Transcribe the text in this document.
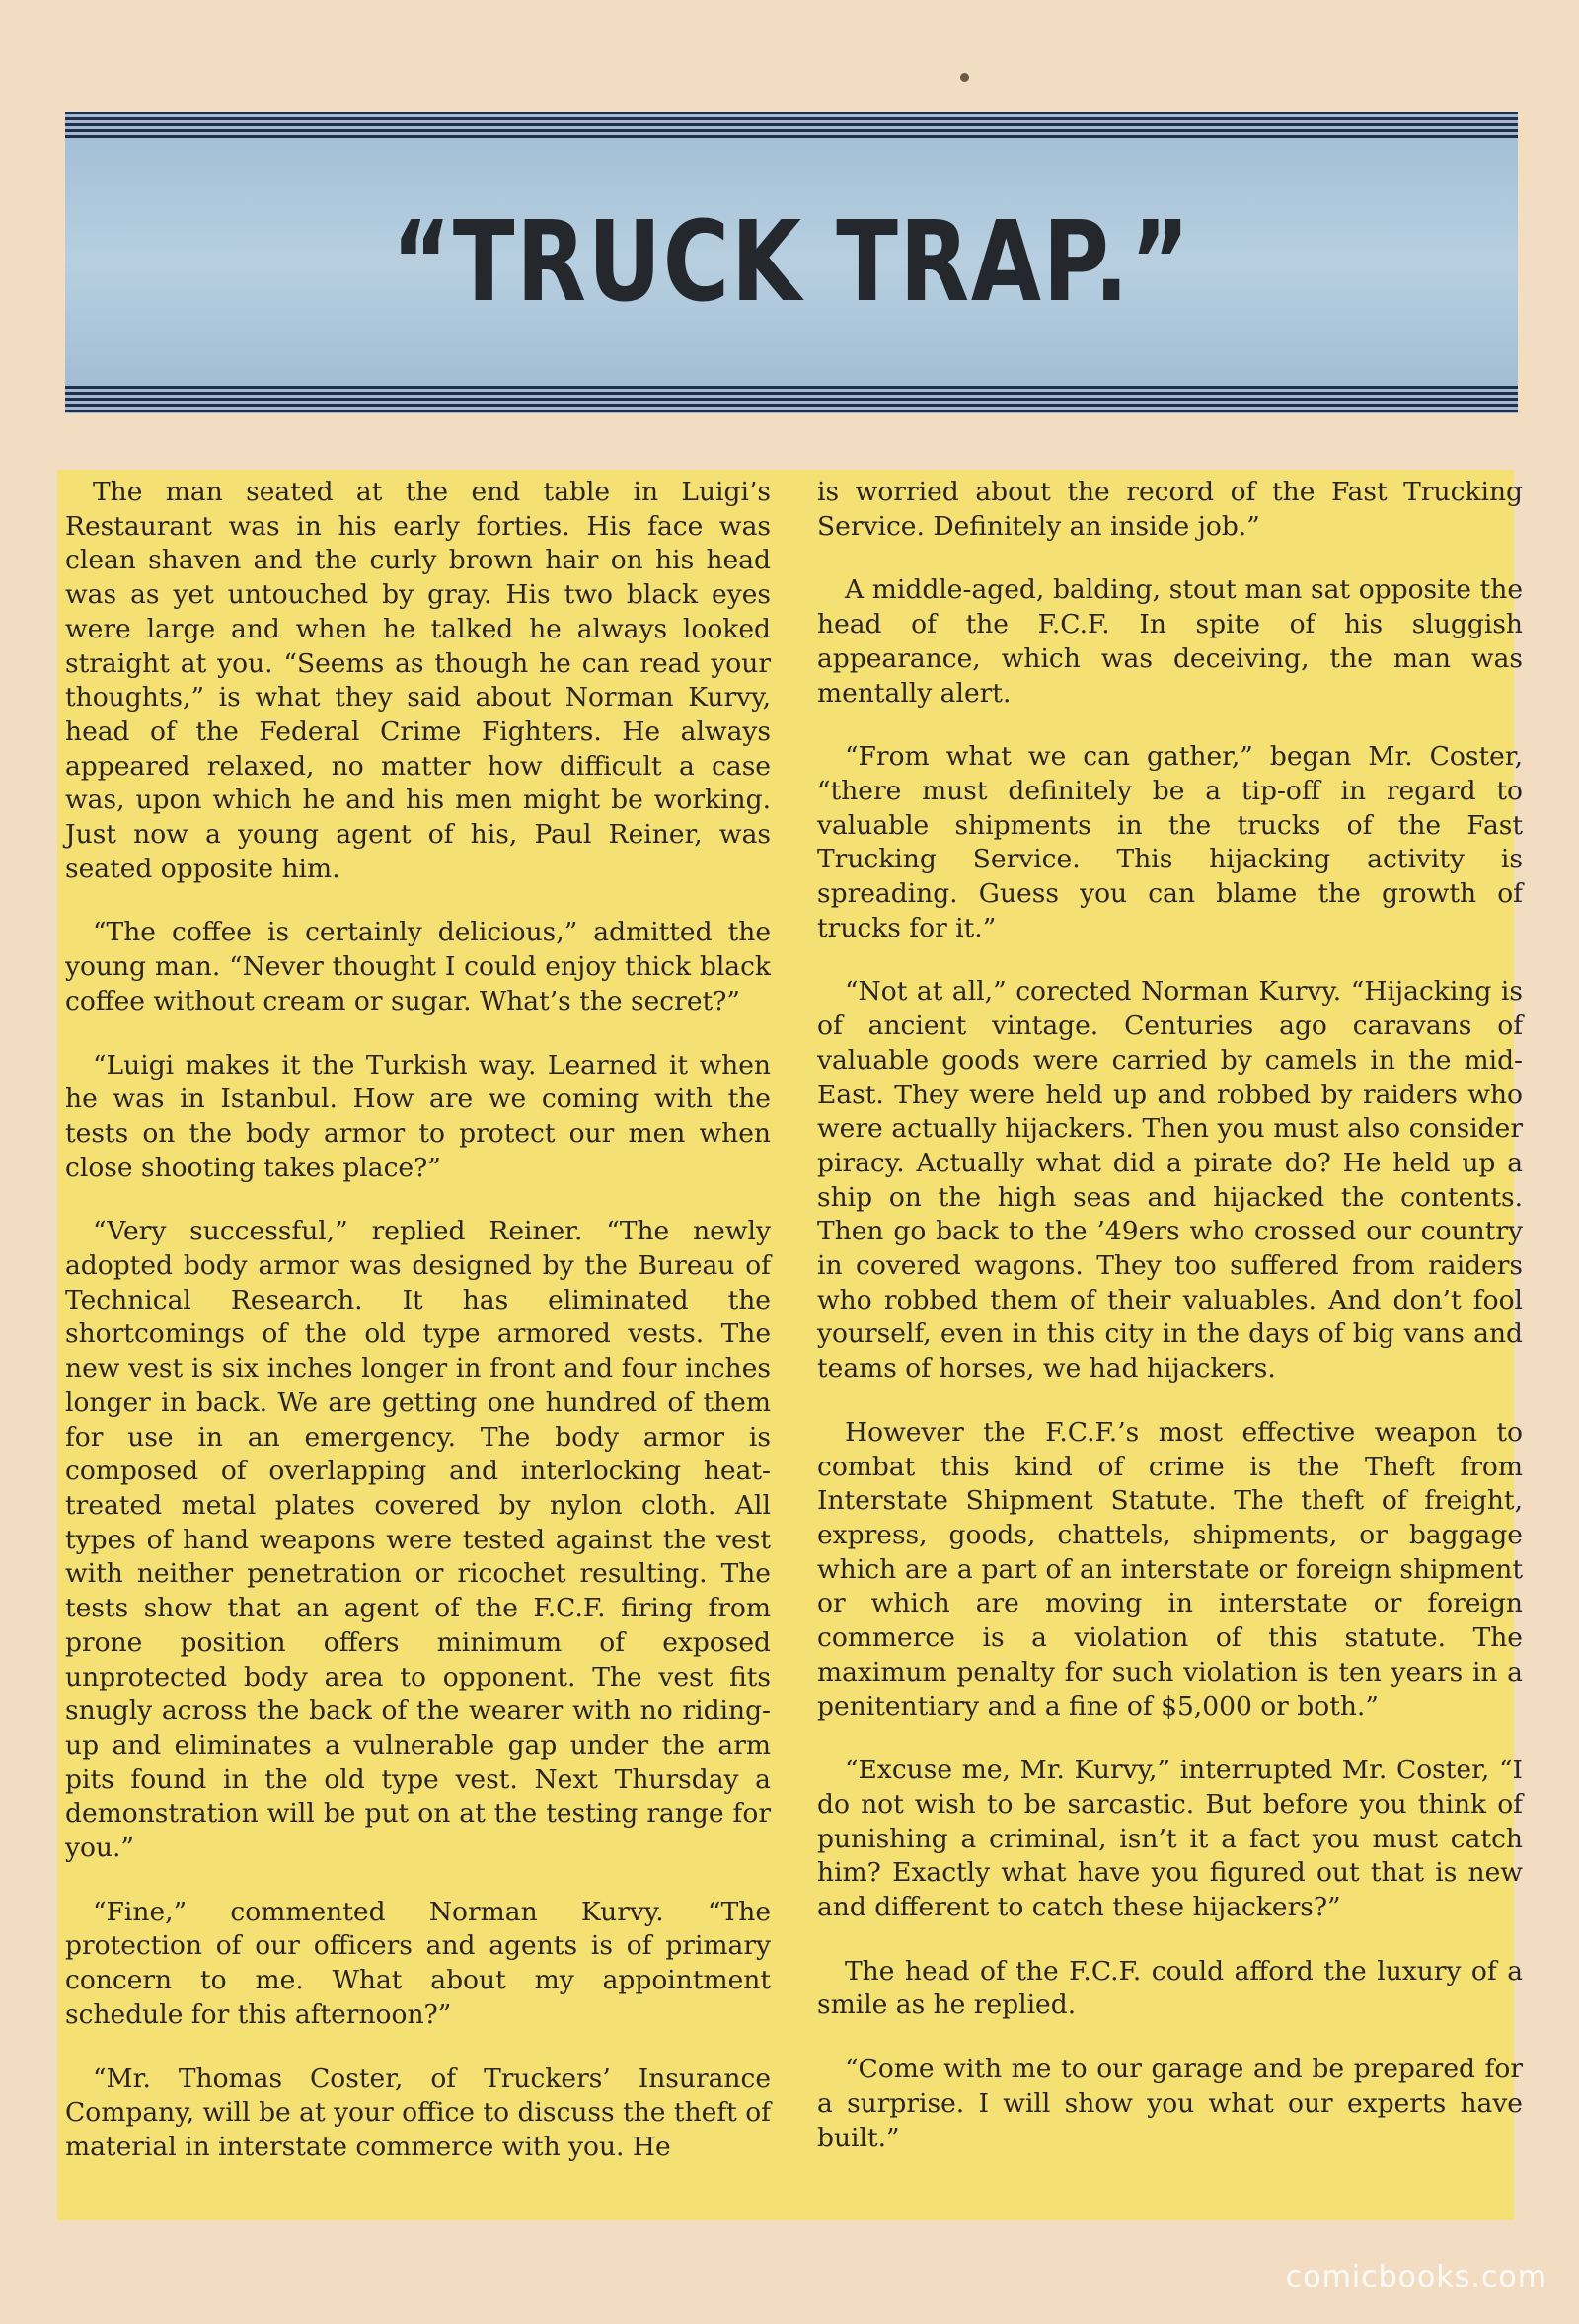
“TRUCK TRAP.”

The man seated at the end table in Luigi’s Restaurant was in his early forties. His face was clean shaven and the curly brown hair on his head was as yet untouched by gray. His two black eyes were large and when he talked he always looked straight at you. “Seems as though he can read your thoughts,” is what they said about Norman Kurvy, head of the Federal Crime Fighters. He always appeared relaxed, no matter how difficult a case was, upon which he and his men might be working. Just now a young agent of his, Paul Reiner, was seated opposite him.

“The coffee is certainly delicious,” admitted the young man. “Never thought I could enjoy thick black coffee without cream or sugar. What’s the secret?”

“Luigi makes it the Turkish way. Learned it when he was in Istanbul. How are we coming with the tests on the body armor to protect our men when close shooting takes place?”

“Very successful,” replied Reiner. “The newly adopted body armor was designed by the Bureau of Technical Research. It has eliminated the shortcomings of the old type armored vests. The new vest is six inches longer in front and four inches longer in back. We are getting one hundred of them for use in an emergency. The body armor is composed of overlapping and interlocking heat-treated metal plates covered by nylon cloth. All types of hand weapons were tested against the vest with neither penetration or ricochet resulting. The tests show that an agent of the F.C.F. firing from prone position offers minimum of exposed unprotected body area to opponent. The vest fits snugly across the back of the wearer with no riding-up and eliminates a vulnerable gap under the arm pits found in the old type vest. Next Thursday a demonstration will be put on at the testing range for you.”

“Fine,” commented Norman Kurvy. “The protection of our officers and agents is of primary concern to me. What about my appointment schedule for this afternoon?”

“Mr. Thomas Coster, of Truckers’ Insurance Company, will be at your office to discuss the theft of material in interstate commerce with you. He

is worried about the record of the Fast Trucking Service. Definitely an inside job.”

A middle-aged, balding, stout man sat opposite the head of the F.C.F. In spite of his sluggish appearance, which was deceiving, the man was mentally alert.

“From what we can gather,” began Mr. Coster, “there must definitely be a tip-off in regard to valuable shipments in the trucks of the Fast Trucking Service. This hijacking activity is spreading. Guess you can blame the growth of trucks for it.”

“Not at all,” corected Norman Kurvy. “Hijacking is of ancient vintage. Centuries ago caravans of valuable goods were carried by camels in the mid-East. They were held up and robbed by raiders who were actually hijackers. Then you must also consider piracy. Actually what did a pirate do? He held up a ship on the high seas and hijacked the contents. Then go back to the ’49ers who crossed our country in covered wagons. They too suffered from raiders who robbed them of their valuables. And don’t fool yourself, even in this city in the days of big vans and teams of horses, we had hijackers.

However the F.C.F.’s most effective weapon to combat this kind of crime is the Theft from Interstate Shipment Statute. The theft of freight, express, goods, chattels, shipments, or baggage which are a part of an interstate or foreign shipment or which are moving in interstate or foreign commerce is a violation of this statute. The maximum penalty for such violation is ten years in a penitentiary and a fine of $5,000 or both.”

“Excuse me, Mr. Kurvy,” interrupted Mr. Coster, “I do not wish to be sarcastic. But before you think of punishing a criminal, isn’t it a fact you must catch him? Exactly what have you figured out that is new and different to catch these hijackers?”

The head of the F.C.F. could afford the luxury of a smile as he replied.

“Come with me to our garage and be prepared for a surprise. I will show you what our experts have built.”

comicbooks.com
